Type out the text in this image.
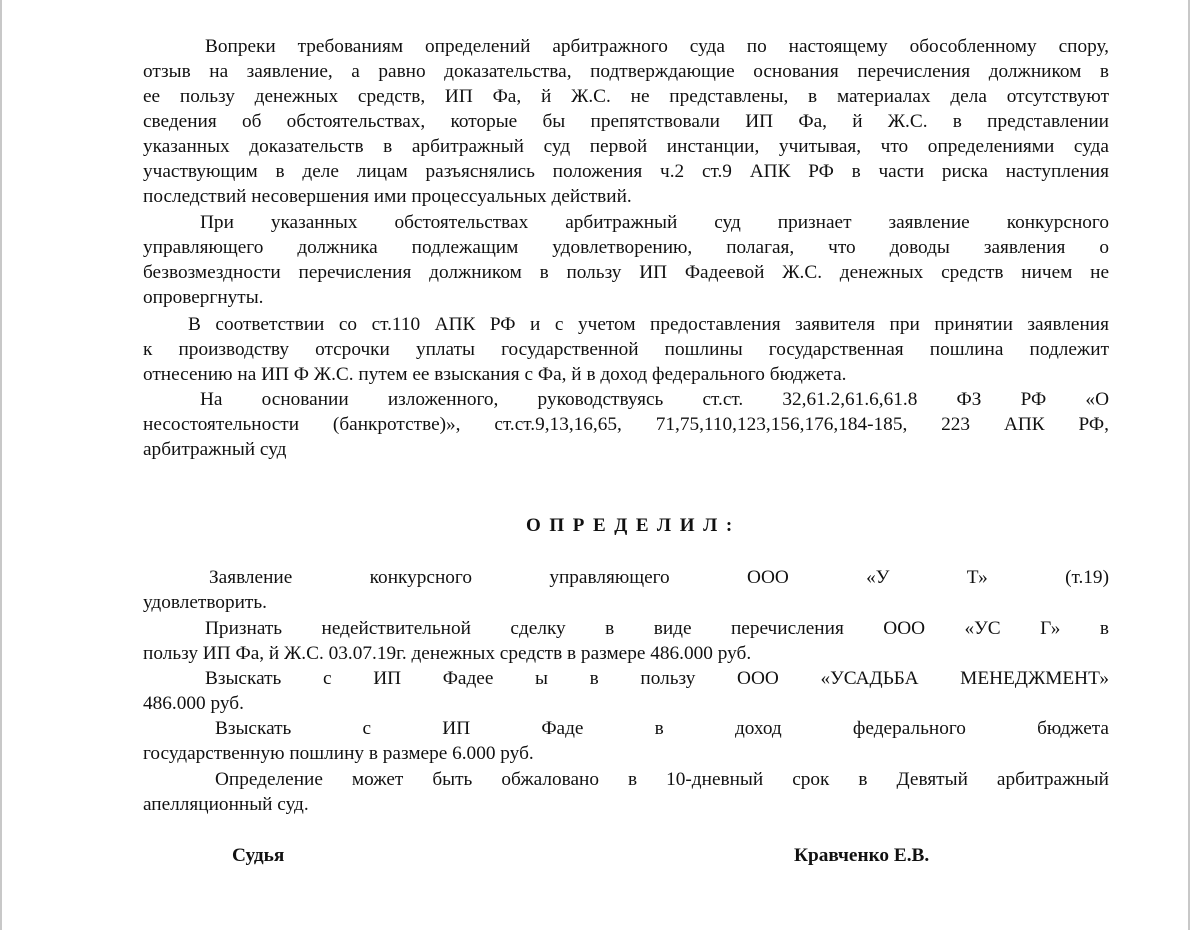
Вопреки требованиям определений арбитражного суда по настоящему обособленному спору,

отзыв на заявление, а равно доказательства, подтверждающие основания перечисления должником в

ее пользу денежных средств, ИП Фа, й Ж.С. не представлены, в материалах дела отсутствуют

сведения об обстоятельствах, которые бы препятствовали ИП Фа, й Ж.С. в представлении

указанных доказательств в арбитражный суд первой инстанции, учитывая, что определениями суда

участвующим в деле лицам разъяснялись положения ч.2 ст.9 АПК РФ в части риска наступления

последствий несовершения ими процессуальных действий.

При указанных обстоятельствах арбитражный суд признает заявление конкурсного

управляющего должника подлежащим удовлетворению, полагая, что доводы заявления о

безвозмездности перечисления должником в пользу ИП Фадеевой Ж.С. денежных средств ничем не

опровергнуты.

В соответствии со ст.110 АПК РФ и с учетом предоставления заявителя при принятии заявления

к производству отсрочки уплаты государственной пошлины государственная пошлина подлежит

отнесению на ИП Ф Ж.С. путем ее взыскания с Фа, й в доход федерального бюджета.

На основании изложенного, руководствуясь ст.ст. 32,61.2,61.6,61.8 ФЗ РФ «О

несостоятельности (банкротстве)», ст.ст.9,13,16,65, 71,75,110,123,156,176,184-185, 223 АПК РФ,

арбитражный суд

ОПРЕДЕЛИЛ:

Заявление конкурсного управляющего ООО «У Т» (т.19)

удовлетворить.

Признать недействительной сделку в виде перечисления ООО «УС Г» в

пользу ИП Фа, й Ж.С. 03.07.19г. денежных средств в размере 486.000 руб.

Взыскать с ИП Фадее ы в пользу ООО «УСАДЬБА МЕНЕДЖМЕНТ»

486.000 руб.

Взыскать с ИП Фаде в доход федерального бюджета

государственную пошлину в размере 6.000 руб.

Определение может быть обжаловано в 10-дневный срок в Девятый арбитражный

апелляционный суд.

Судья	Кравченко Е.В.
